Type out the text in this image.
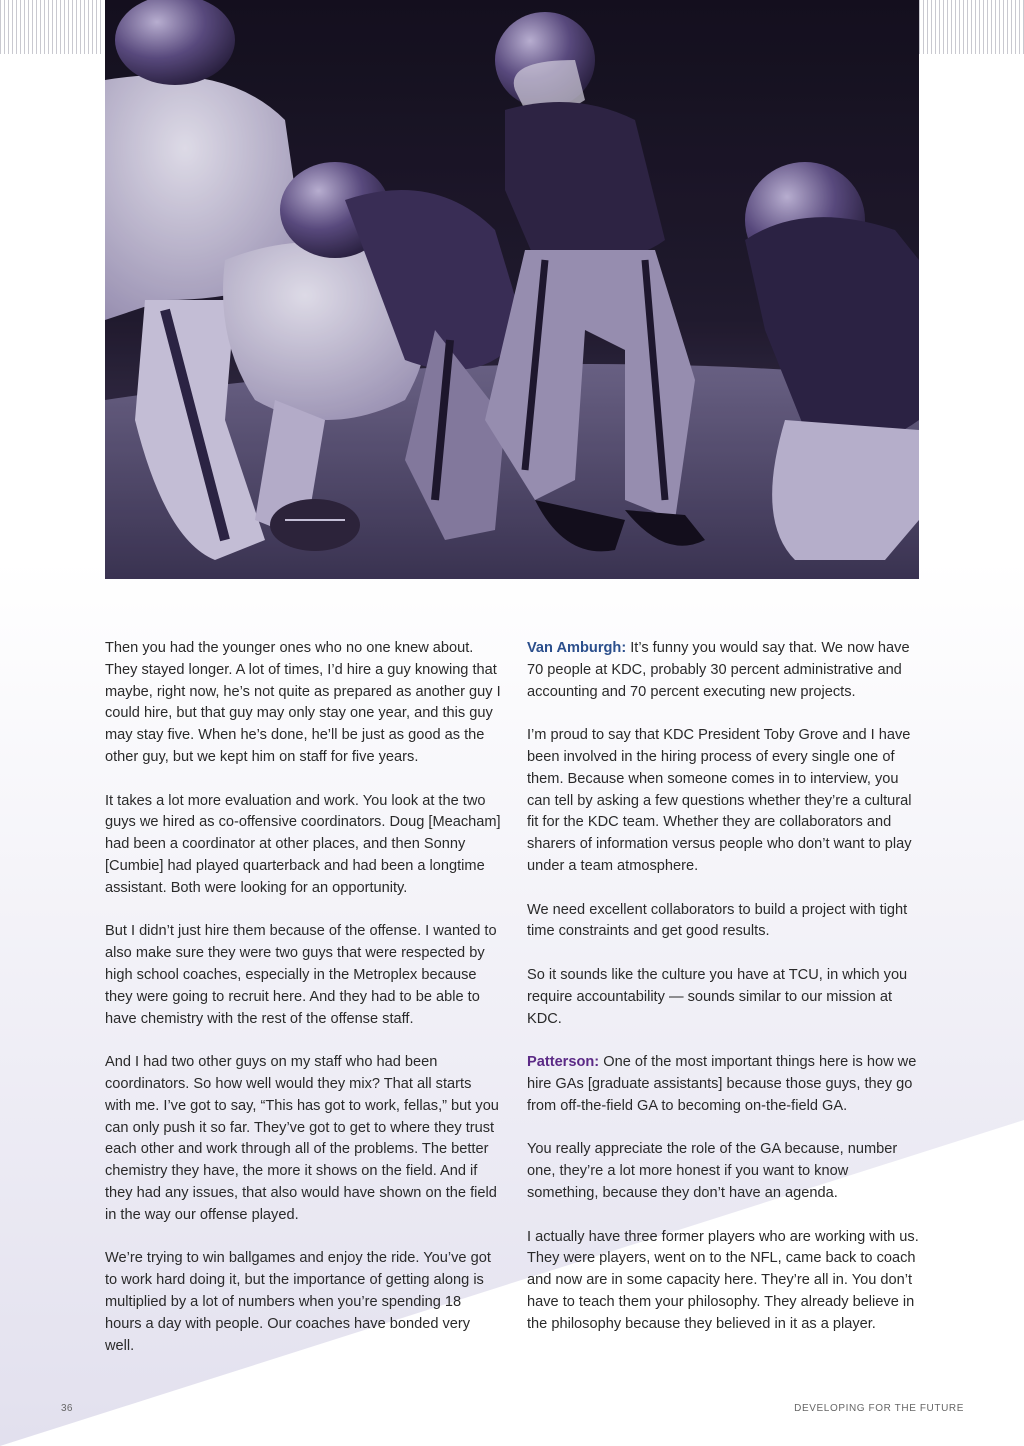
Then you had the younger ones who no one knew about. They stayed longer. A lot of times, I’d hire a guy knowing that maybe, right now, he’s not quite as prepared as another guy I could hire, but that guy may only stay one year, and this guy may stay five. When he’s done, he’ll be just as good as the other guy, but we kept him on staff for five years.

It takes a lot more evaluation and work. You look at the two guys we hired as co-offensive coordinators. Doug [Meacham] had been a coordinator at other places, and then Sonny [Cumbie] had played quarterback and had been a longtime assistant. Both were looking for an opportunity.

But I didn’t just hire them because of the offense. I wanted to also make sure they were two guys that were respected by high school coaches, especially in the Metroplex because they were going to recruit here. And they had to be able to have chemistry with the rest of the offense staff.

And I had two other guys on my staff who had been coordinators. So how well would they mix? That all starts with me. I’ve got to say, “This has got to work, fellas,” but you can only push it so far. They’ve got to get to where they trust each other and work through all of the problems. The better chemistry they have, the more it shows on the field. And if they had any issues, that also would have shown on the field in the way our offense played.

We’re trying to win ballgames and enjoy the ride. You’ve got to work hard doing it, but the importance of getting along is multiplied by a lot of numbers when you’re spending 18 hours a day with people. Our coaches have bonded very well.

Van Amburgh: It’s funny you would say that. We now have 70 people at KDC, probably 30 percent administrative and accounting and 70 percent executing new projects.

I’m proud to say that KDC President Toby Grove and I have been involved in the hiring process of every single one of them. Because when someone comes in to interview, you can tell by asking a few questions whether they’re a cultural fit for the KDC team. Whether they are collaborators and sharers of information versus people who don’t want to play under a team atmosphere.

We need excellent collaborators to build a project with tight time constraints and get good results.

So it sounds like the culture you have at TCU, in which you require accountability — sounds similar to our mission at KDC.

Patterson: One of the most important things here is how we hire GAs [graduate assistants] because those guys, they go from off-the-field GA to becoming on-the-field GA.

You really appreciate the role of the GA because, number one, they’re a lot more honest if you want to know something, because they don’t have an agenda.

I actually have three former players who are working with us. They were players, went on to the NFL, came back to coach and now are in some capacity here. They’re all in. You don’t have to teach them your philosophy. They already believe in the philosophy because they believed in it as a player.

36	DEVELOPING FOR THE FUTURE
